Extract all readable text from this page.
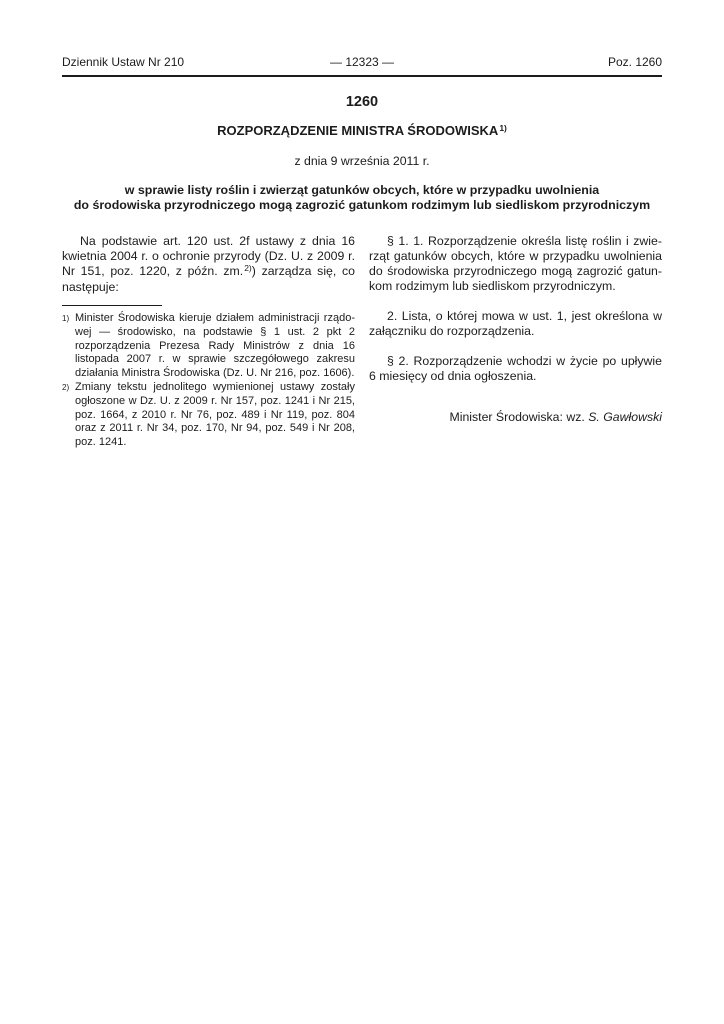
Dziennik Ustaw Nr 210	— 12323 —	Poz. 1260
1260
ROZPORZĄDZENIE MINISTRA ŚRODOWISKA$^{1)}$
z dnia 9 września 2011 r.
w sprawie listy roślin i zwierząt gatunków obcych, które w przypadku uwolnienia
do środowiska przyrodniczego mogą zagrozić gatunkom rodzimym lub siedliskom przyrodniczym

Na podstawie art. 120 ust. 2f ustawy z dnia 16 kwietnia 2004 r. o ochronie przyrody (Dz. U. z 2009 r. Nr 151, poz. 1220, z późn. zm.$^{2)}$) zarządza się, co następuje:

1) Minister Środowiska kieruje działem administracji rządowej — środowisko, na podstawie § 1 ust. 2 pkt 2 rozporządzenia Prezesa Rady Ministrów z dnia 16 listopada 2007 r. w sprawie szczegółowego zakresu działania Ministra Środowiska (Dz. U. Nr 216, poz. 1606).
2) Zmiany tekstu jednolitego wymienionej ustawy zostały ogłoszone w Dz. U. z 2009 r. Nr 157, poz. 1241 i Nr 215, poz. 1664, z 2010 r. Nr 76, poz. 489 i Nr 119, poz. 804 oraz z 2011 r. Nr 34, poz. 170, Nr 94, poz. 549 i Nr 208, poz. 1241.

§ 1. 1. Rozporządzenie określa listę roślin i zwierząt gatunków obcych, które w przypadku uwolnienia do środowiska przyrodniczego mogą zagrozić gatunkom rodzimym lub siedliskom przyrodniczym.

2. Lista, o której mowa w ust. 1, jest określona w załączniku do rozporządzenia.

§ 2. Rozporządzenie wchodzi w życie po upływie 6 miesięcy od dnia ogłoszenia.

Minister Środowiska: wz. S. Gawłowski
